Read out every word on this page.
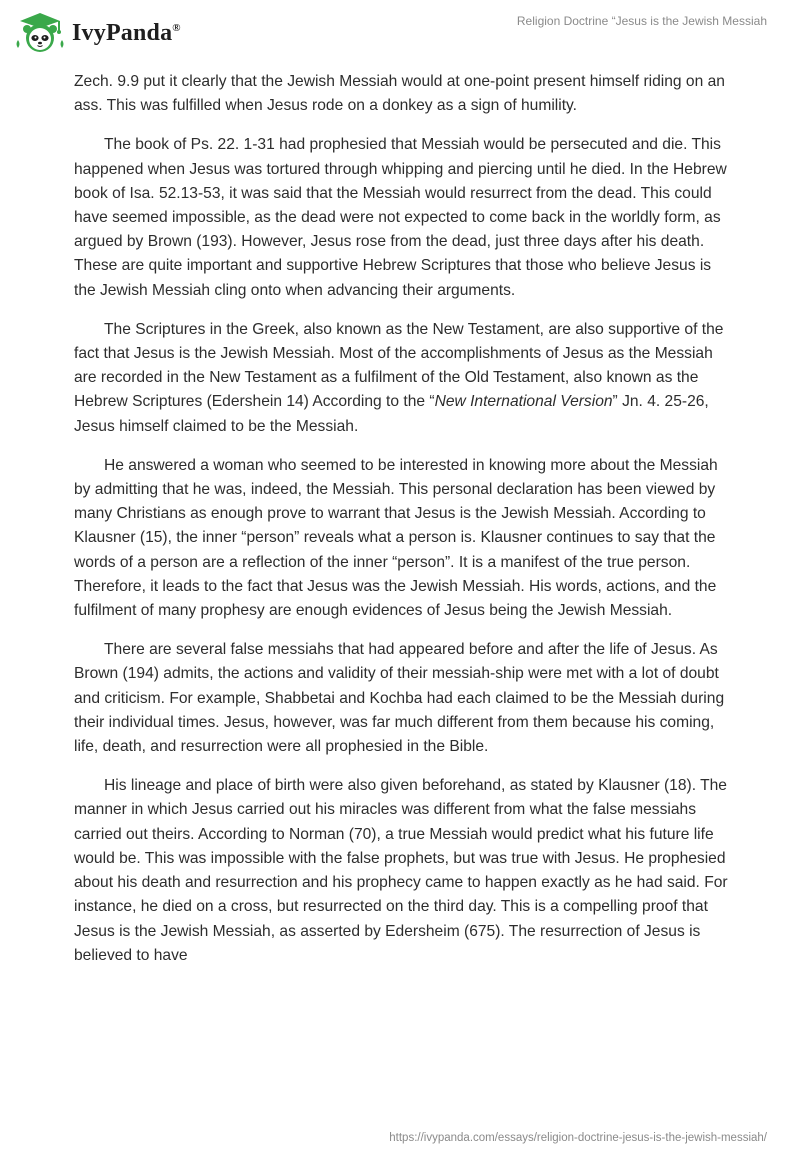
IvyPanda®	Religion Doctrine “Jesus is the Jewish Messiah

Zech. 9.9 put it clearly that the Jewish Messiah would at one-point present himself riding on an ass. This was fulfilled when Jesus rode on a donkey as a sign of humility.

The book of Ps. 22. 1-31 had prophesied that Messiah would be persecuted and die. This happened when Jesus was tortured through whipping and piercing until he died. In the Hebrew book of Isa. 52.13-53, it was said that the Messiah would resurrect from the dead. This could have seemed impossible, as the dead were not expected to come back in the worldly form, as argued by Brown (193). However, Jesus rose from the dead, just three days after his death. These are quite important and supportive Hebrew Scriptures that those who believe Jesus is the Jewish Messiah cling onto when advancing their arguments.

The Scriptures in the Greek, also known as the New Testament, are also supportive of the fact that Jesus is the Jewish Messiah. Most of the accomplishments of Jesus as the Messiah are recorded in the New Testament as a fulfilment of the Old Testament, also known as the Hebrew Scriptures (Edershein 14) According to the “New International Version” Jn. 4. 25-26, Jesus himself claimed to be the Messiah.

He answered a woman who seemed to be interested in knowing more about the Messiah by admitting that he was, indeed, the Messiah. This personal declaration has been viewed by many Christians as enough prove to warrant that Jesus is the Jewish Messiah. According to Klausner (15), the inner “person” reveals what a person is. Klausner continues to say that the words of a person are a reflection of the inner “person”. It is a manifest of the true person. Therefore, it leads to the fact that Jesus was the Jewish Messiah. His words, actions, and the fulfilment of many prophesy are enough evidences of Jesus being the Jewish Messiah.

There are several false messiahs that had appeared before and after the life of Jesus. As Brown (194) admits, the actions and validity of their messiah-ship were met with a lot of doubt and criticism. For example, Shabbetai and Kochba had each claimed to be the Messiah during their individual times. Jesus, however, was far much different from them because his coming, life, death, and resurrection were all prophesied in the Bible.

His lineage and place of birth were also given beforehand, as stated by Klausner (18). The manner in which Jesus carried out his miracles was different from what the false messiahs carried out theirs. According to Norman (70), a true Messiah would predict what his future life would be. This was impossible with the false prophets, but was true with Jesus. He prophesied about his death and resurrection and his prophecy came to happen exactly as he had said. For instance, he died on a cross, but resurrected on the third day. This is a compelling proof that Jesus is the Jewish Messiah, as asserted by Edersheim (675). The resurrection of Jesus is believed to have

https://ivypanda.com/essays/religion-doctrine-jesus-is-the-jewish-messiah/
